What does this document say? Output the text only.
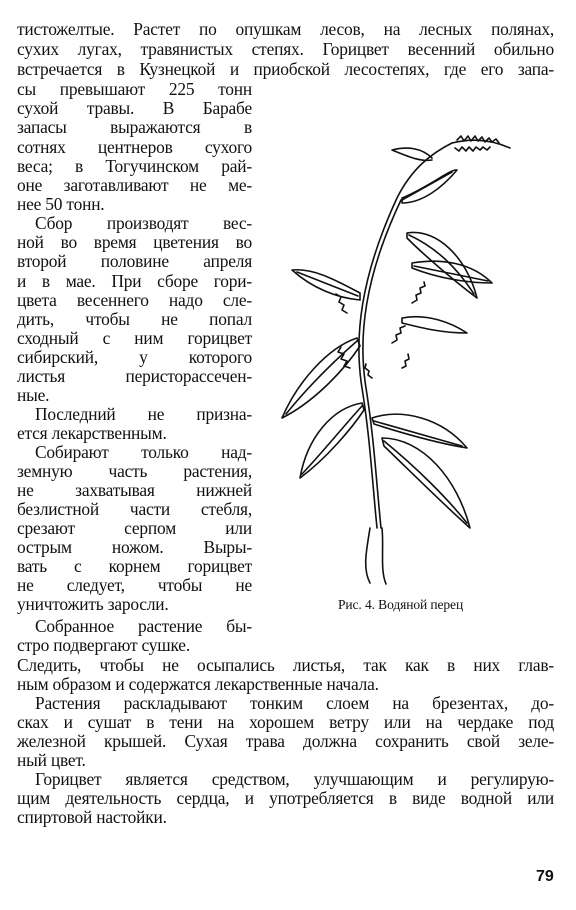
тистожелтые. Растет по опушкам лесов, на лесных полянах,
сухих лугах, травянистых степях. Горицвет весенний обильно
встречается в Кузнецкой и приобской лесостепях, где его запа-
сы превышают 225 тонн
сухой травы. В Барабе
запасы выражаются в
сотнях центнеров сухого
веса; в Тогучинском рай-
оне заготавливают не ме-
нее 50 тонн.
Сбор производят вес-
ной во время цветения во
второй половине апреля
и в мае. При сборе гори-
цвета весеннего надо сле-
дить, чтобы не попал
сходный с ним горицвет
сибирский, у которого
листья перисторассечен-
ные.
Последний не призна-
ется лекарственным.
Собирают только над-
земную часть растения,
не захватывая нижней
безлистной части стебля,
срезают серпом или
острым ножом. Выры-
вать с корнем горицвет
не следует, чтобы не
уничтожить заросли.
Собранное растение бы-
стро подвергают сушке.
Следить, чтобы не осыпались листья, так как в них глав-
ным образом и содержатся лекарственные начала.
Растения раскладывают тонким слоем на брезентах, до-
сках и сушат в тени на хорошем ветру или на чердаке под
железной крышей. Сухая трава должна сохранить свой зеле-
ный цвет.
Горицвет является средством, улучшающим и регулирую-
щим деятельность сердца, и употребляется в виде водной или
спиртовой настойки.
Рис. 4. Водяной перец
79
